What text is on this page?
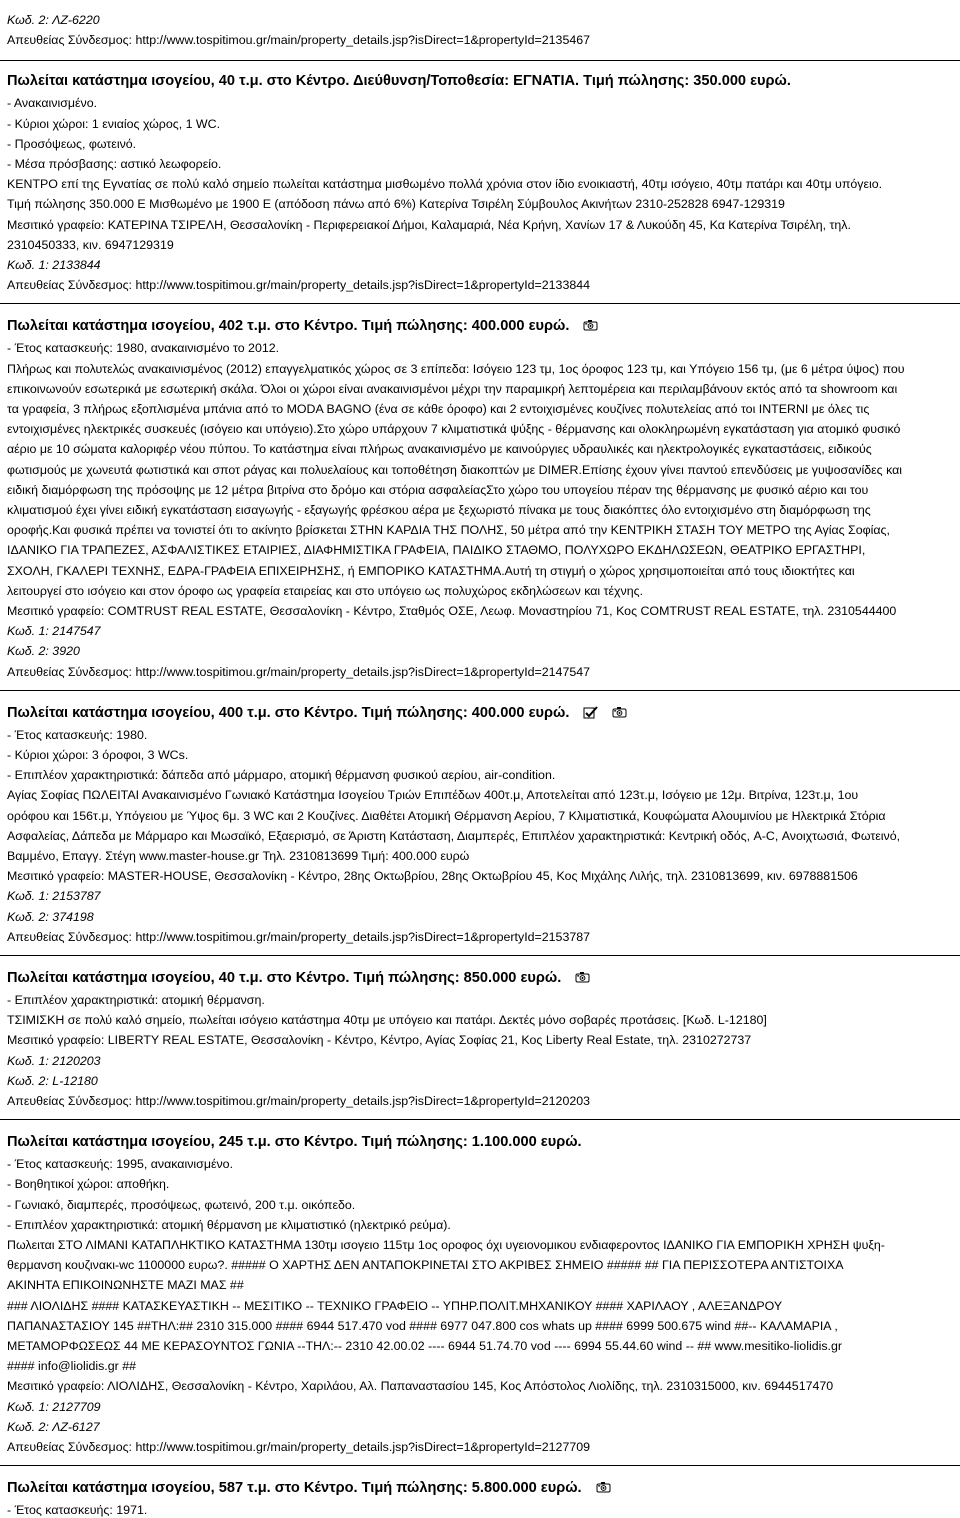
Κωδ. 2: ΛΖ-6220
Απευθείας Σύνδεσμος: http://www.tospitimou.gr/main/property_details.jsp?isDirect=1&propertyId=2135467
Πωλείται κατάστημα ισογείου, 40 τ.μ. στο Κέντρο. Διεύθυνση/Τοποθεσία: ΕΓΝΑΤΙΑ. Τιμή πώλησης: 350.000 ευρώ.
- Ανακαινισμένο.
- Κύριοι χώροι: 1 ενιαίος χώρος, 1 WC.
- Προσόψεως, φωτεινό.
- Μέσα πρόσβασης: αστικό λεωφορείο.
ΚΕΝΤΡΟ επί της Εγνατίας σε πολύ καλό σημείο πωλείται κατάστημα μισθωμένο πολλά χρόνια στον ίδιο ενοικιαστή, 40τμ ισόγειο, 40τμ πατάρι και 40τμ υπόγειο.
Τιμή πώλησης 350.000 Ε Μισθωμένο με 1900 Ε (απόδοση πάνω από 6%) Κατερίνα Τσιρέλη Σύμβουλος Ακινήτων 2310-252828 6947-129319
Μεσιτικό γραφείο: ΚΑΤΕΡΙΝΑ ΤΣΙΡΕΛΗ, Θεσσαλονίκη - Περιφερειακοί Δήμοι, Καλαμαριά, Νέα Κρήνη, Χανίων 17 & Λυκούδη 45, Κα Κατερίνα Τσιρέλη, τηλ.
2310450333, κιν. 6947129319
Κωδ. 1: 2133844
Απευθείας Σύνδεσμος: http://www.tospitimou.gr/main/property_details.jsp?isDirect=1&propertyId=2133844
Πωλείται κατάστημα ισογείου, 402 τ.μ. στο Κέντρο. Τιμή πώλησης: 400.000 ευρώ.
- Έτος κατασκευής: 1980, ανακαινισμένο το 2012.
Πλήρως και πολυτελώς ανακαινισμένος (2012) επαγγελματικός χώρος σε 3 επίπεδα: Ισόγειο 123 τμ, 1ος όροφος 123 τμ, και Υπόγειο 156 τμ, (με 6 μέτρα ύψος) που
επικοινωνούν εσωτερικά με εσωτερική σκάλα. Όλοι οι χώροι είναι ανακαινισμένοι μέχρι την παραμικρή λεπτομέρεια και περιλαμβάνουν εκτός από τα showroom και
τα γραφεία, 3 πλήρως εξοπλισμένα μπάνια από το MODA BAGNO (ένα σε κάθε όροφο) και 2 εντοιχισμένες κουζίνες πολυτελείας από τοι INTERNI με όλες τις
εντοιχισμένες ηλεκτρικές συσκευές (ισόγειο και υπόγειο).Στο χώρο υπάρχουν 7 κλιματιστικά ψύξης - θέρμανσης και ολοκληρωμένη εγκατάσταση για ατομικό φυσικό
αέριο με 10 σώματα καλοριφέρ νέου πύπου. Το κατάστημα είναι πλήρως ανακαινισμένο με καινούργιες υδραυλικές και ηλεκτρολογικές εγκαταστάσεις, ειδικούς
φωτισμούς με χωνευτά φωτιστικά και σποτ ράγας και πολυελαίους και τοποθέτηση διακοπτών με DIMER.Επίσης έχουν γίνει παντού επενδύσεις με γυψοσανίδες και
ειδική διαμόρφωση της πρόσοψης με 12 μέτρα βιτρίνα στο δρόμο και στόρια ασφαλείαςΣτο χώρο του υπογείου πέραν της θέρμανσης με φυσικό αέριο και του
κλιματισμού έχει γίνει ειδική εγκατάσταση εισαγωγής - εξαγωγής φρέσκου αέρα με ξεχωριστό πίνακα με τους διακόπτες όλο εντοιχισμένο στη διαμόρφωση της
οροφής.Και φυσικά πρέπει να τονιστεί ότι το ακίνητο βρίσκεται ΣΤΗΝ ΚΑΡΔΙΑ ΤΗΣ ΠΟΛΗΣ, 50 μέτρα από την ΚΕΝΤΡΙΚΗ ΣΤΑΣΗ ΤΟΥ ΜΕΤΡΟ της Αγίας Σοφίας,
ΙΔΑΝΙΚΟ ΓΙΑ ΤΡΑΠΕΖΕΣ, ΑΣΦΑΛΙΣΤΙΚΕΣ ΕΤΑΙΡΙΕΣ, ΔΙΑΦΗΜΙΣΤΙΚΑ ΓΡΑΦΕΙΑ, ΠΑΙΔΙΚΟ ΣΤΑΘΜΟ, ΠΟΛΥΧΩΡΟ ΕΚΔΗΛΩΣΕΩΝ, ΘΕΑΤΡΙΚΟ ΕΡΓΑΣΤΗΡΙ,
ΣΧΟΛΗ, ΓΚΑΛΕΡΙ ΤΕΧΝΗΣ, ΕΔΡΑ-ΓΡΑΦΕΙΑ ΕΠΙΧΕΙΡΗΣΗΣ, ή ΕΜΠΟΡΙΚΟ ΚΑΤΑΣΤΗΜΑ.Αυτή τη στιγμή ο χώρος χρησιμοποιείται από τους ιδιοκτήτες και
λειτουργεί στο ισόγειο και στον όροφο ως γραφεία εταιρείας και στο υπόγειο ως πολυχώρος εκδηλώσεων και τέχνης.
Μεσιτικό γραφείο: COMTRUST REAL ESTATE, Θεσσαλονίκη - Κέντρο, Σταθμός ΟΣΕ, Λεωφ. Μοναστηρίου 71, Κος COMTRUST REAL ESTATE, τηλ. 2310544400
Κωδ. 1: 2147547
Κωδ. 2: 3920
Απευθείας Σύνδεσμος: http://www.tospitimou.gr/main/property_details.jsp?isDirect=1&propertyId=2147547
Πωλείται κατάστημα ισογείου, 400 τ.μ. στο Κέντρο. Τιμή πώλησης: 400.000 ευρώ.
- Έτος κατασκευής: 1980.
- Κύριοι χώροι: 3 όροφοι, 3 WCs.
- Επιπλέον χαρακτηριστικά: δάπεδα από μάρμαρο, ατομική θέρμανση φυσικού αερίου, air-condition.
Αγίας Σοφίας ΠΩΛΕΙΤΑΙ Ανακαινισμένο Γωνιακό Κατάστημα Ισογείου Τριών Επιπέδων 400τ.μ, Αποτελείται από 123τ.μ, Ισόγειο με 12μ. Βιτρίνα, 123τ.μ, 1ου
ορόφου και 156τ.μ, Υπόγειου με Ύψος 6μ. 3 WC και 2 Κουζίνες. Διαθέτει Ατομική Θέρμανση Αερίου, 7 Κλιματιστικά, Κουφώματα Αλουμινίου με Ηλεκτρικά Στόρια
Ασφαλείας, Δάπεδα με Μάρμαρο και Μωσαϊκό, Εξαερισμό, σε Άριστη Κατάσταση, Διαμπερές, Επιπλέον χαρακτηριστικά: Κεντρική οδός, A-C, Ανοιχτωσιά, Φωτεινό,
Βαμμένο, Επαγγ. Στέγη www.master-house.gr Τηλ. 2310813699 Τιμή: 400.000 ευρώ
Μεσιτικό γραφείο: MASTER-HOUSE, Θεσσαλονίκη - Κέντρο, 28ης Οκτωβρίου, 28ης Οκτωβρίου 45, Κος Μιχάλης Λιλής, τηλ. 2310813699, κιν. 6978881506
Κωδ. 1: 2153787
Κωδ. 2: 374198
Απευθείας Σύνδεσμος: http://www.tospitimou.gr/main/property_details.jsp?isDirect=1&propertyId=2153787
Πωλείται κατάστημα ισογείου, 40 τ.μ. στο Κέντρο. Τιμή πώλησης: 850.000 ευρώ.
- Επιπλέον χαρακτηριστικά: ατομική θέρμανση.
ΤΣΙΜΙΣΚΗ σε πολύ καλό σημείο, πωλείται ισόγειο κατάστημα 40τμ με υπόγειο και πατάρι. Δεκτές μόνο σοβαρές προτάσεις. [Κωδ. L-12180]
Μεσιτικό γραφείο: LIBERTY REAL ESTATE, Θεσσαλονίκη - Κέντρο, Κέντρο, Αγίας Σοφίας 21, Κος Liberty Real Estate, τηλ. 2310272737
Κωδ. 1: 2120203
Κωδ. 2: L-12180
Απευθείας Σύνδεσμος: http://www.tospitimou.gr/main/property_details.jsp?isDirect=1&propertyId=2120203
Πωλείται κατάστημα ισογείου, 245 τ.μ. στο Κέντρο. Τιμή πώλησης: 1.100.000 ευρώ.
- Έτος κατασκευής: 1995, ανακαινισμένο.
- Βοηθητικοί χώροι: αποθήκη.
- Γωνιακό, διαμπερές, προσόψεως, φωτεινό, 200 τ.μ. οικόπεδο.
- Επιπλέον χαρακτηριστικά: ατομική θέρμανση με κλιματιστικό (ηλεκτρικό ρεύμα).
Πωλειται ΣΤΟ ΛΙΜΑΝΙ ΚΑΤΑΠΛΗΚΤΙΚΟ ΚΑΤΑΣΤΗΜΑ 130τμ ισογειο 115τμ 1ος οροφος όχι υγειονομικου ενδιαφεροντος ΙΔΑΝΙΚΟ ΓΙΑ ΕΜΠΟΡΙΚΗ ΧΡΗΣΗ ψυξη-
θερμανση κουζινακι-wc 1100000 ευρω?. ##### Ο ΧΑΡΤΗΣ ΔΕΝ ΑΝΤΑΠΟΚΡΙΝΕΤΑΙ ΣΤΟ ΑΚΡΙΒΕΣ ΣΗΜΕΙΟ ##### ## ΓΙΑ ΠΕΡΙΣΣΟΤΕΡΑ ΑΝΤΙΣΤΟΙΧΑ
ΑΚΙΝΗΤΑ ΕΠΙΚΟΙΝΩΝΗΣΤΕ ΜΑΖΙ ΜΑΣ ##
### ΛΙΟΛΙΔΗΣ #### ΚΑΤΑΣΚΕΥΑΣΤΙΚΗ -- ΜΕΣΙΤΙΚΟ -- ΤΕΧΝΙΚΟ ΓΡΑΦΕΙΟ -- ΥΠΗΡ.ΠΟΛΙΤ.ΜΗΧΑΝΙΚΟΥ #### ΧΑΡΙΛΑΟΥ , ΑΛΕΞΑΝΔΡΟΥ
ΠΑΠΑΝΑΣΤΑΣΙΟΥ 145 ##ΤΗΛ:## 2310 315.000 #### 6944 517.470 vod #### 6977 047.800 cos whats up #### 6999 500.675 wind ##-- ΚΑΛΑΜΑΡΙΑ ,
ΜΕΤΑΜΟΡΦΩΣΕΩΣ 44 ΜΕ ΚΕΡΑΣΟΥΝΤΟΣ ΓΩΝΙΑ --ΤΗΛ:-- 2310 42.00.02 ---- 6944 51.74.70 vod ---- 6994 55.44.60 wind -- ## www.mesitiko-liolidis.gr
#### info@liolidis.gr ##
Μεσιτικό γραφείο: ΛΙΟΛΙΔΗΣ, Θεσσαλονίκη - Κέντρο, Χαριλάου, Αλ. Παπαναστασίου 145, Κος Απόστολος Λιολίδης, τηλ. 2310315000, κιν. 6944517470
Κωδ. 1: 2127709
Κωδ. 2: ΛΖ-6127
Απευθείας Σύνδεσμος: http://www.tospitimou.gr/main/property_details.jsp?isDirect=1&propertyId=2127709
Πωλείται κατάστημα ισογείου, 587 τ.μ. στο Κέντρο. Τιμή πώλησης: 5.800.000 ευρώ.
- Έτος κατασκευής: 1971.
